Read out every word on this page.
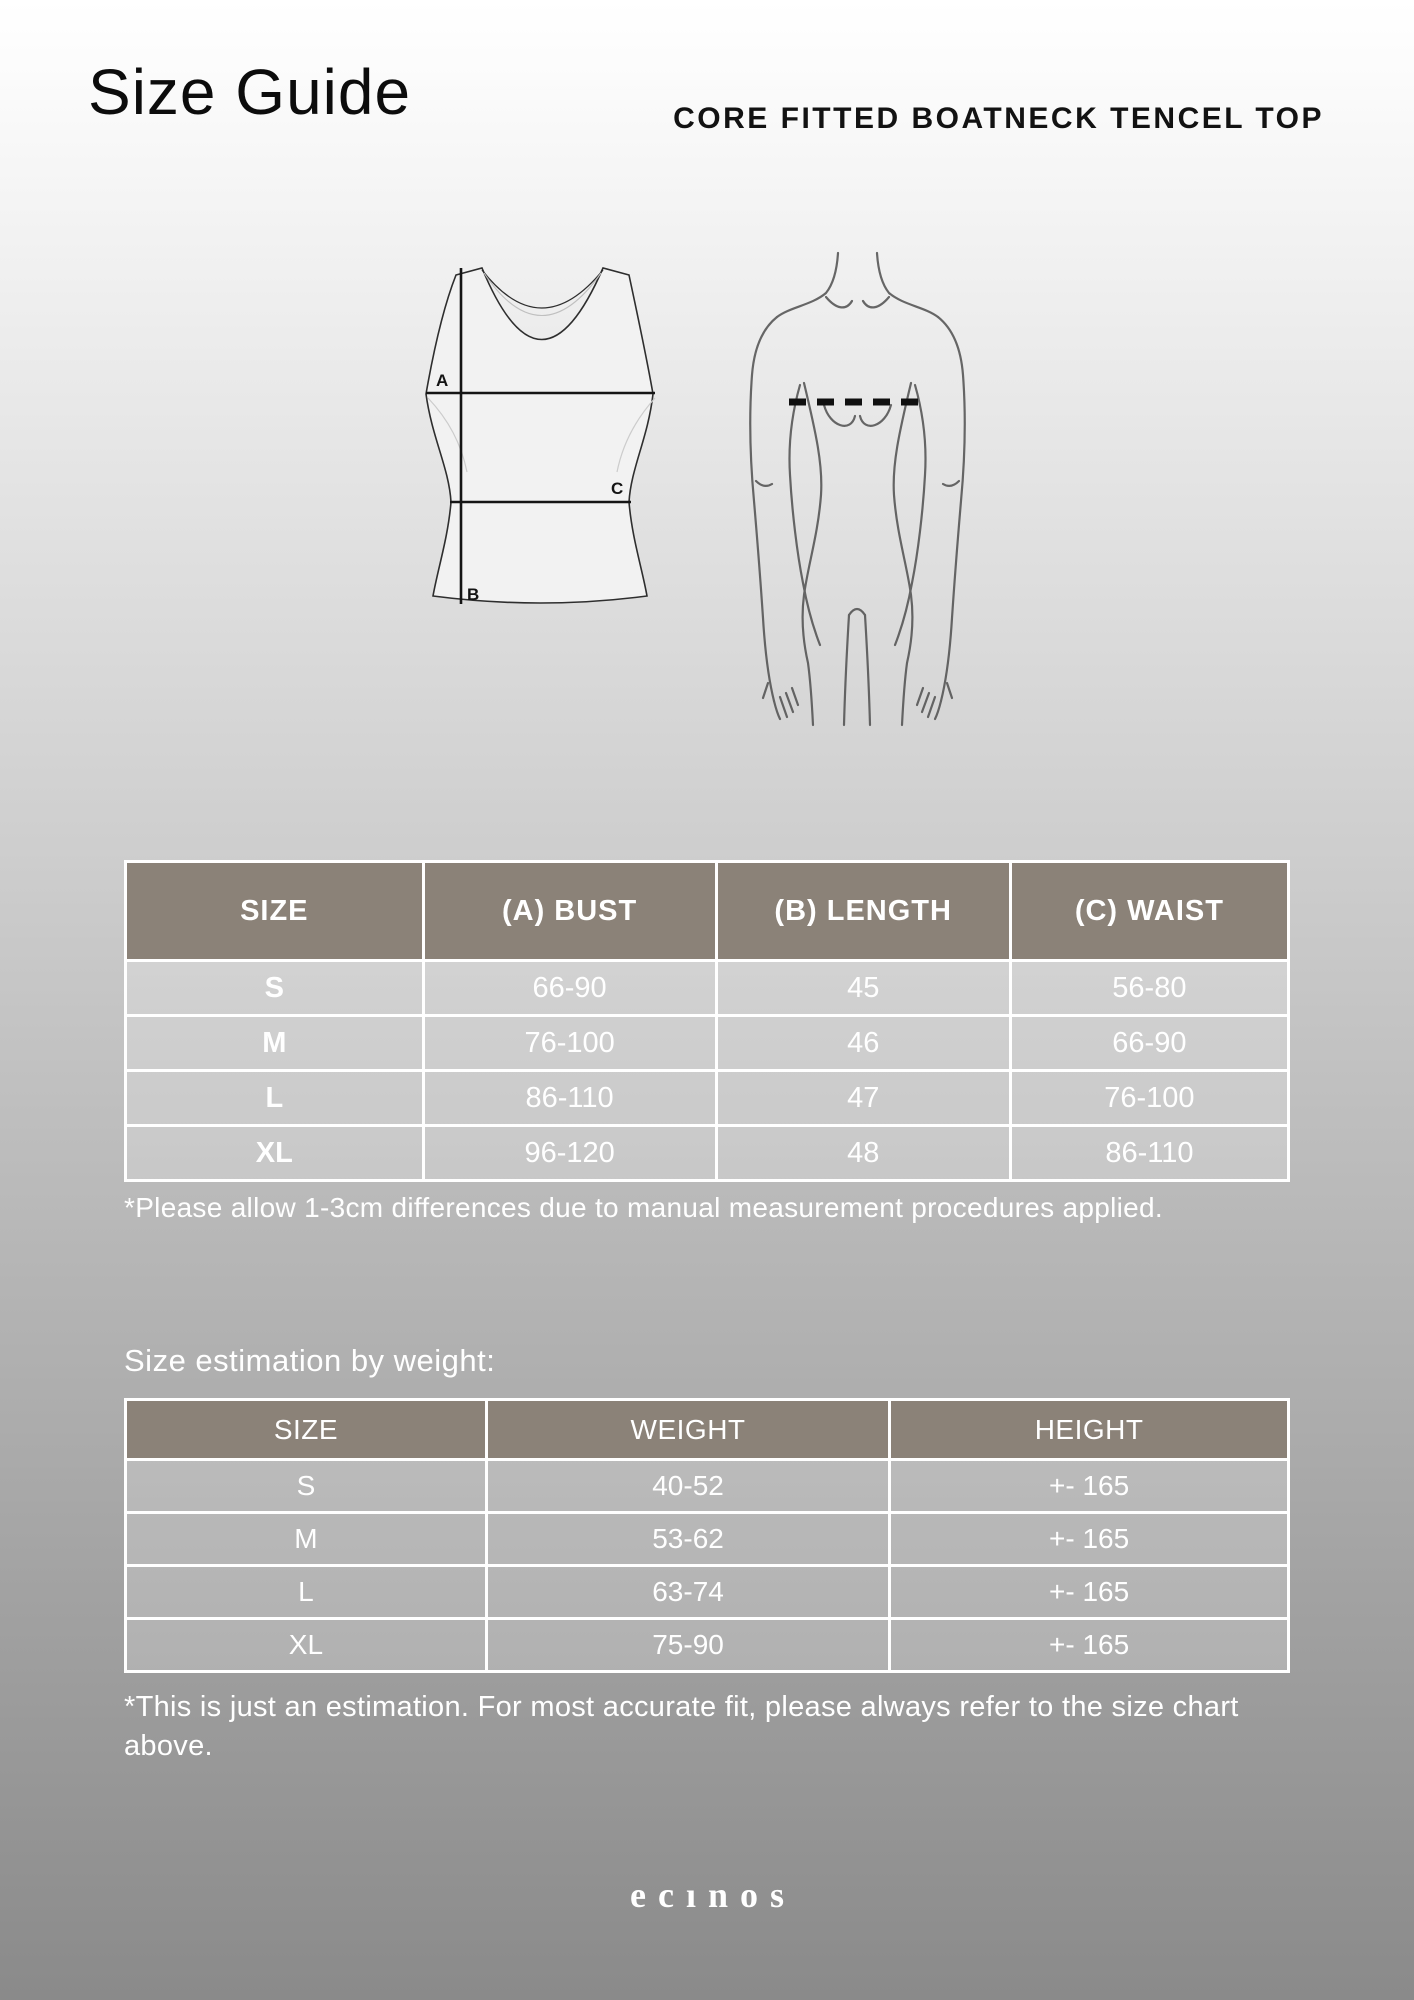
Size Guide	CORE FITTED BOATNECK TENCEL TOP
A
B
C
SIZE	(A) BUST	(B) LENGTH	(C) WAIST
S	66-90	45	56-80
M	76-100	46	66-90
L	86-110	47	76-100
XL	96-120	48	86-110
*Please allow 1-3cm differences due to manual measurement procedures applied.
Size estimation by weight:
SIZE	WEIGHT	HEIGHT
S	40-52	+- 165
M	53-62	+- 165
L	63-74	+- 165
XL	75-90	+- 165
*This is just an estimation. For most accurate fit, please always refer to the size chart above.
ecınos
